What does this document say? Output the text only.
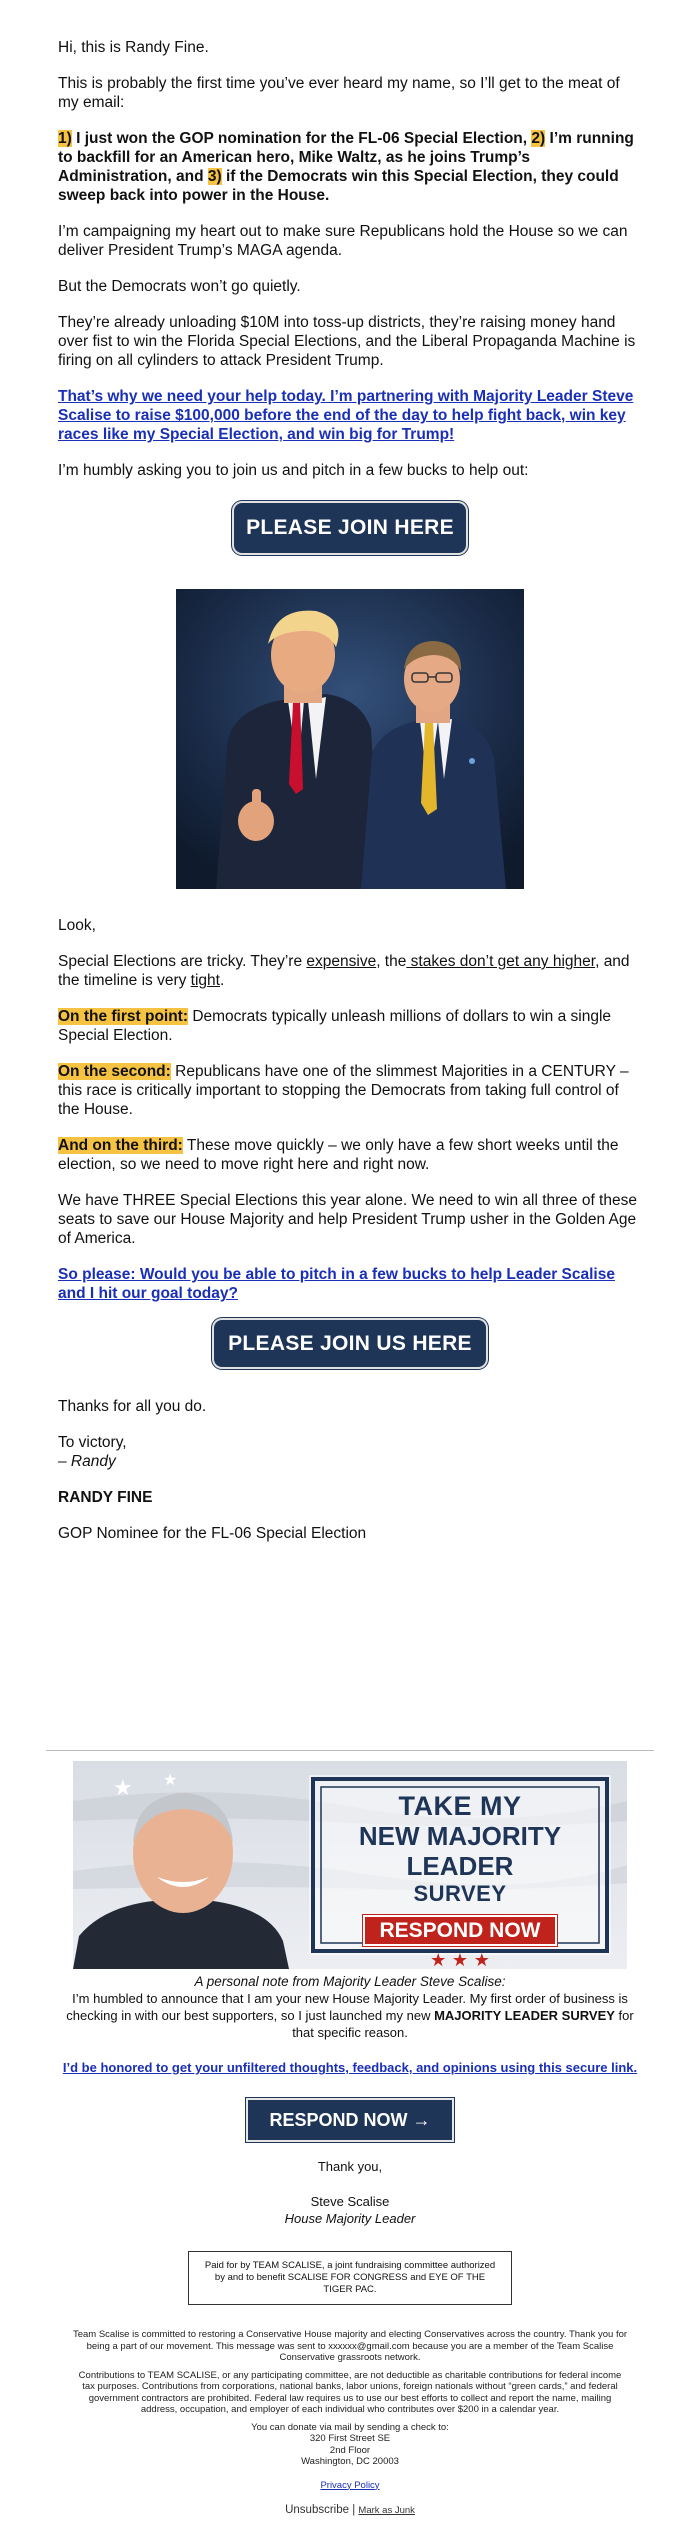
Hi, this is Randy Fine.

This is probably the first time you’ve ever heard my name, so I’ll get to the meat of my email:

1) I just won the GOP nomination for the FL-06 Special Election, 2) I’m running to backfill for an American hero, Mike Waltz, as he joins Trump’s Administration, and 3) if the Democrats win this Special Election, they could sweep back into power in the House.

I’m campaigning my heart out to make sure Republicans hold the House so we can deliver President Trump’s MAGA agenda.

But the Democrats won’t go quietly.

They’re already unloading $10M into toss-up districts, they’re raising money hand over fist to win the Florida Special Elections, and the Liberal Propaganda Machine is firing on all cylinders to attack President Trump.

That’s why we need your help today. I’m partnering with Majority Leader Steve Scalise to raise $100,000 before the end of the day to help fight back, win key races like my Special Election, and win big for Trump!

I’m humbly asking you to join us and pitch in a few bucks to help out:

PLEASE JOIN HERE

Look,

Special Elections are tricky. They’re expensive, the stakes don’t get any higher, and the timeline is very tight.

On the first point: Democrats typically unleash millions of dollars to win a single Special Election.

On the second: Republicans have one of the slimmest Majorities in a CENTURY – this race is critically important to stopping the Democrats from taking full control of the House.

And on the third: These move quickly – we only have a few short weeks until the election, so we need to move right here and right now.

We have THREE Special Elections this year alone. We need to win all three of these seats to save our House Majority and help President Trump usher in the Golden Age of America.

So please: Would you be able to pitch in a few bucks to help Leader Scalise and I hit our goal today?

PLEASE JOIN US HERE

Thanks for all you do.

To victory,
– Randy

RANDY FINE

GOP Nominee for the FL-06 Special Election

★ ★
TAKE MY
NEW MAJORITY LEADER
SURVEY
RESPOND NOW
★ ★ ★

A personal note from Majority Leader Steve Scalise:

I’m humbled to announce that I am your new House Majority Leader. My first order of business is checking in with our best supporters, so I just launched my new MAJORITY LEADER SURVEY for that specific reason.

I’d be honored to get your unfiltered thoughts, feedback, and opinions using this secure link.

RESPOND NOW →

Thank you,

Steve Scalise

House Majority Leader

Paid for by TEAM SCALISE, a joint fundraising committee authorized by and to benefit SCALISE FOR CONGRESS and EYE OF THE TIGER PAC.

Team Scalise is committed to restoring a Conservative House majority and electing Conservatives across the country. Thank you for being a part of our movement. This message was sent to xxxxxx@gmail.com because you are a member of the Team Scalise Conservative grassroots network.

Contributions to TEAM SCALISE, or any participating committee, are not deductible as charitable contributions for federal income tax purposes. Contributions from corporations, national banks, labor unions, foreign nationals without “green cards,” and federal government contractors are prohibited. Federal law requires us to use our best efforts to collect and report the name, mailing address, occupation, and employer of each individual who contributes over $200 in a calendar year.

You can donate via mail by sending a check to:
320 First Street SE
2nd Floor
Washington, DC 20003
Privacy Policy
Unsubscribe | Mark as Junk
